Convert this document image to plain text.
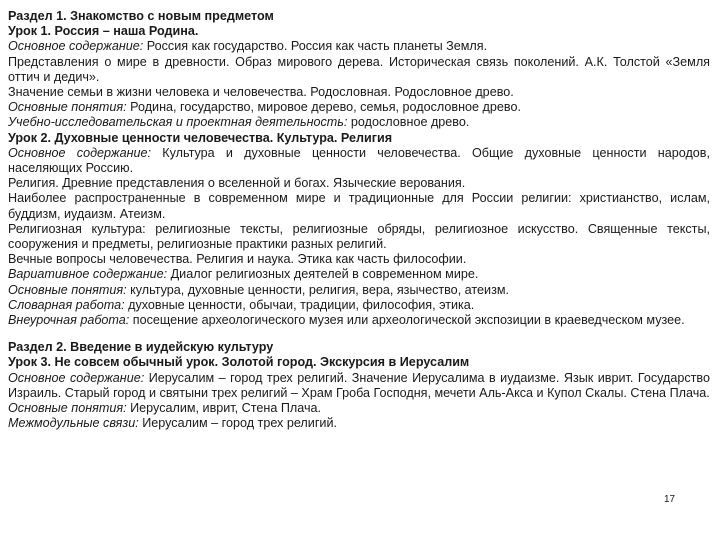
Раздел 1. Знакомство с новым предметом

Урок 1. Россия – наша Родина.

Основное содержание: Россия как государство. Россия как часть планеты Земля.

Представления о мире в древности. Образ мирового дерева. Историческая связь поколений. А.К. Толстой «Земля оттич и дедич».

Значение семьи в жизни человека и человечества. Родословная. Родословное древо.

Основные понятия: Родина, государство, мировое дерево, семья, родословное древо.

Учебно-исследовательская и проектная деятельность: родословное древо.

Урок 2. Духовные ценности человечества. Культура. Религия

Основное содержание: Культура и духовные ценности человечества. Общие духовные ценности народов, населяющих Россию.

Религия. Древние представления о вселенной и богах. Языческие верования.

Наиболее распространенные в современном мире и традиционные для России религии: христианство, ислам, буддизм, иудаизм. Атеизм.

Религиозная культура: религиозные тексты, религиозные обряды, религиозное искусство. Священные тексты, сооружения и предметы, религиозные практики разных религий.

Вечные вопросы человечества. Религия и наука. Этика как часть философии.

Вариативное содержание: Диалог религиозных деятелей в современном мире.

Основные понятия: культура, духовные ценности, религия, вера, язычество, атеизм.

Словарная работа: духовные ценности, обычаи, традиции, философия, этика.

Внеурочная работа: посещение археологического музея или археологической экспозиции в краеведческом музее.

Раздел 2. Введение в иудейскую культуру

Урок 3. Не совсем обычный урок. Золотой город. Экскурсия в Иерусалим

Основное содержание: Иерусалим – город трех религий. Значение Иерусалима в иудаизме. Язык иврит. Государство Израиль. Старый город и святыни трех религий – Храм Гроба Господня, мечети Аль-Акса и Купол Скалы. Стена Плача.

Основные понятия: Иерусалим, иврит, Стена Плача.

Межмодульные связи: Иерусалим – город трех религий.

17
